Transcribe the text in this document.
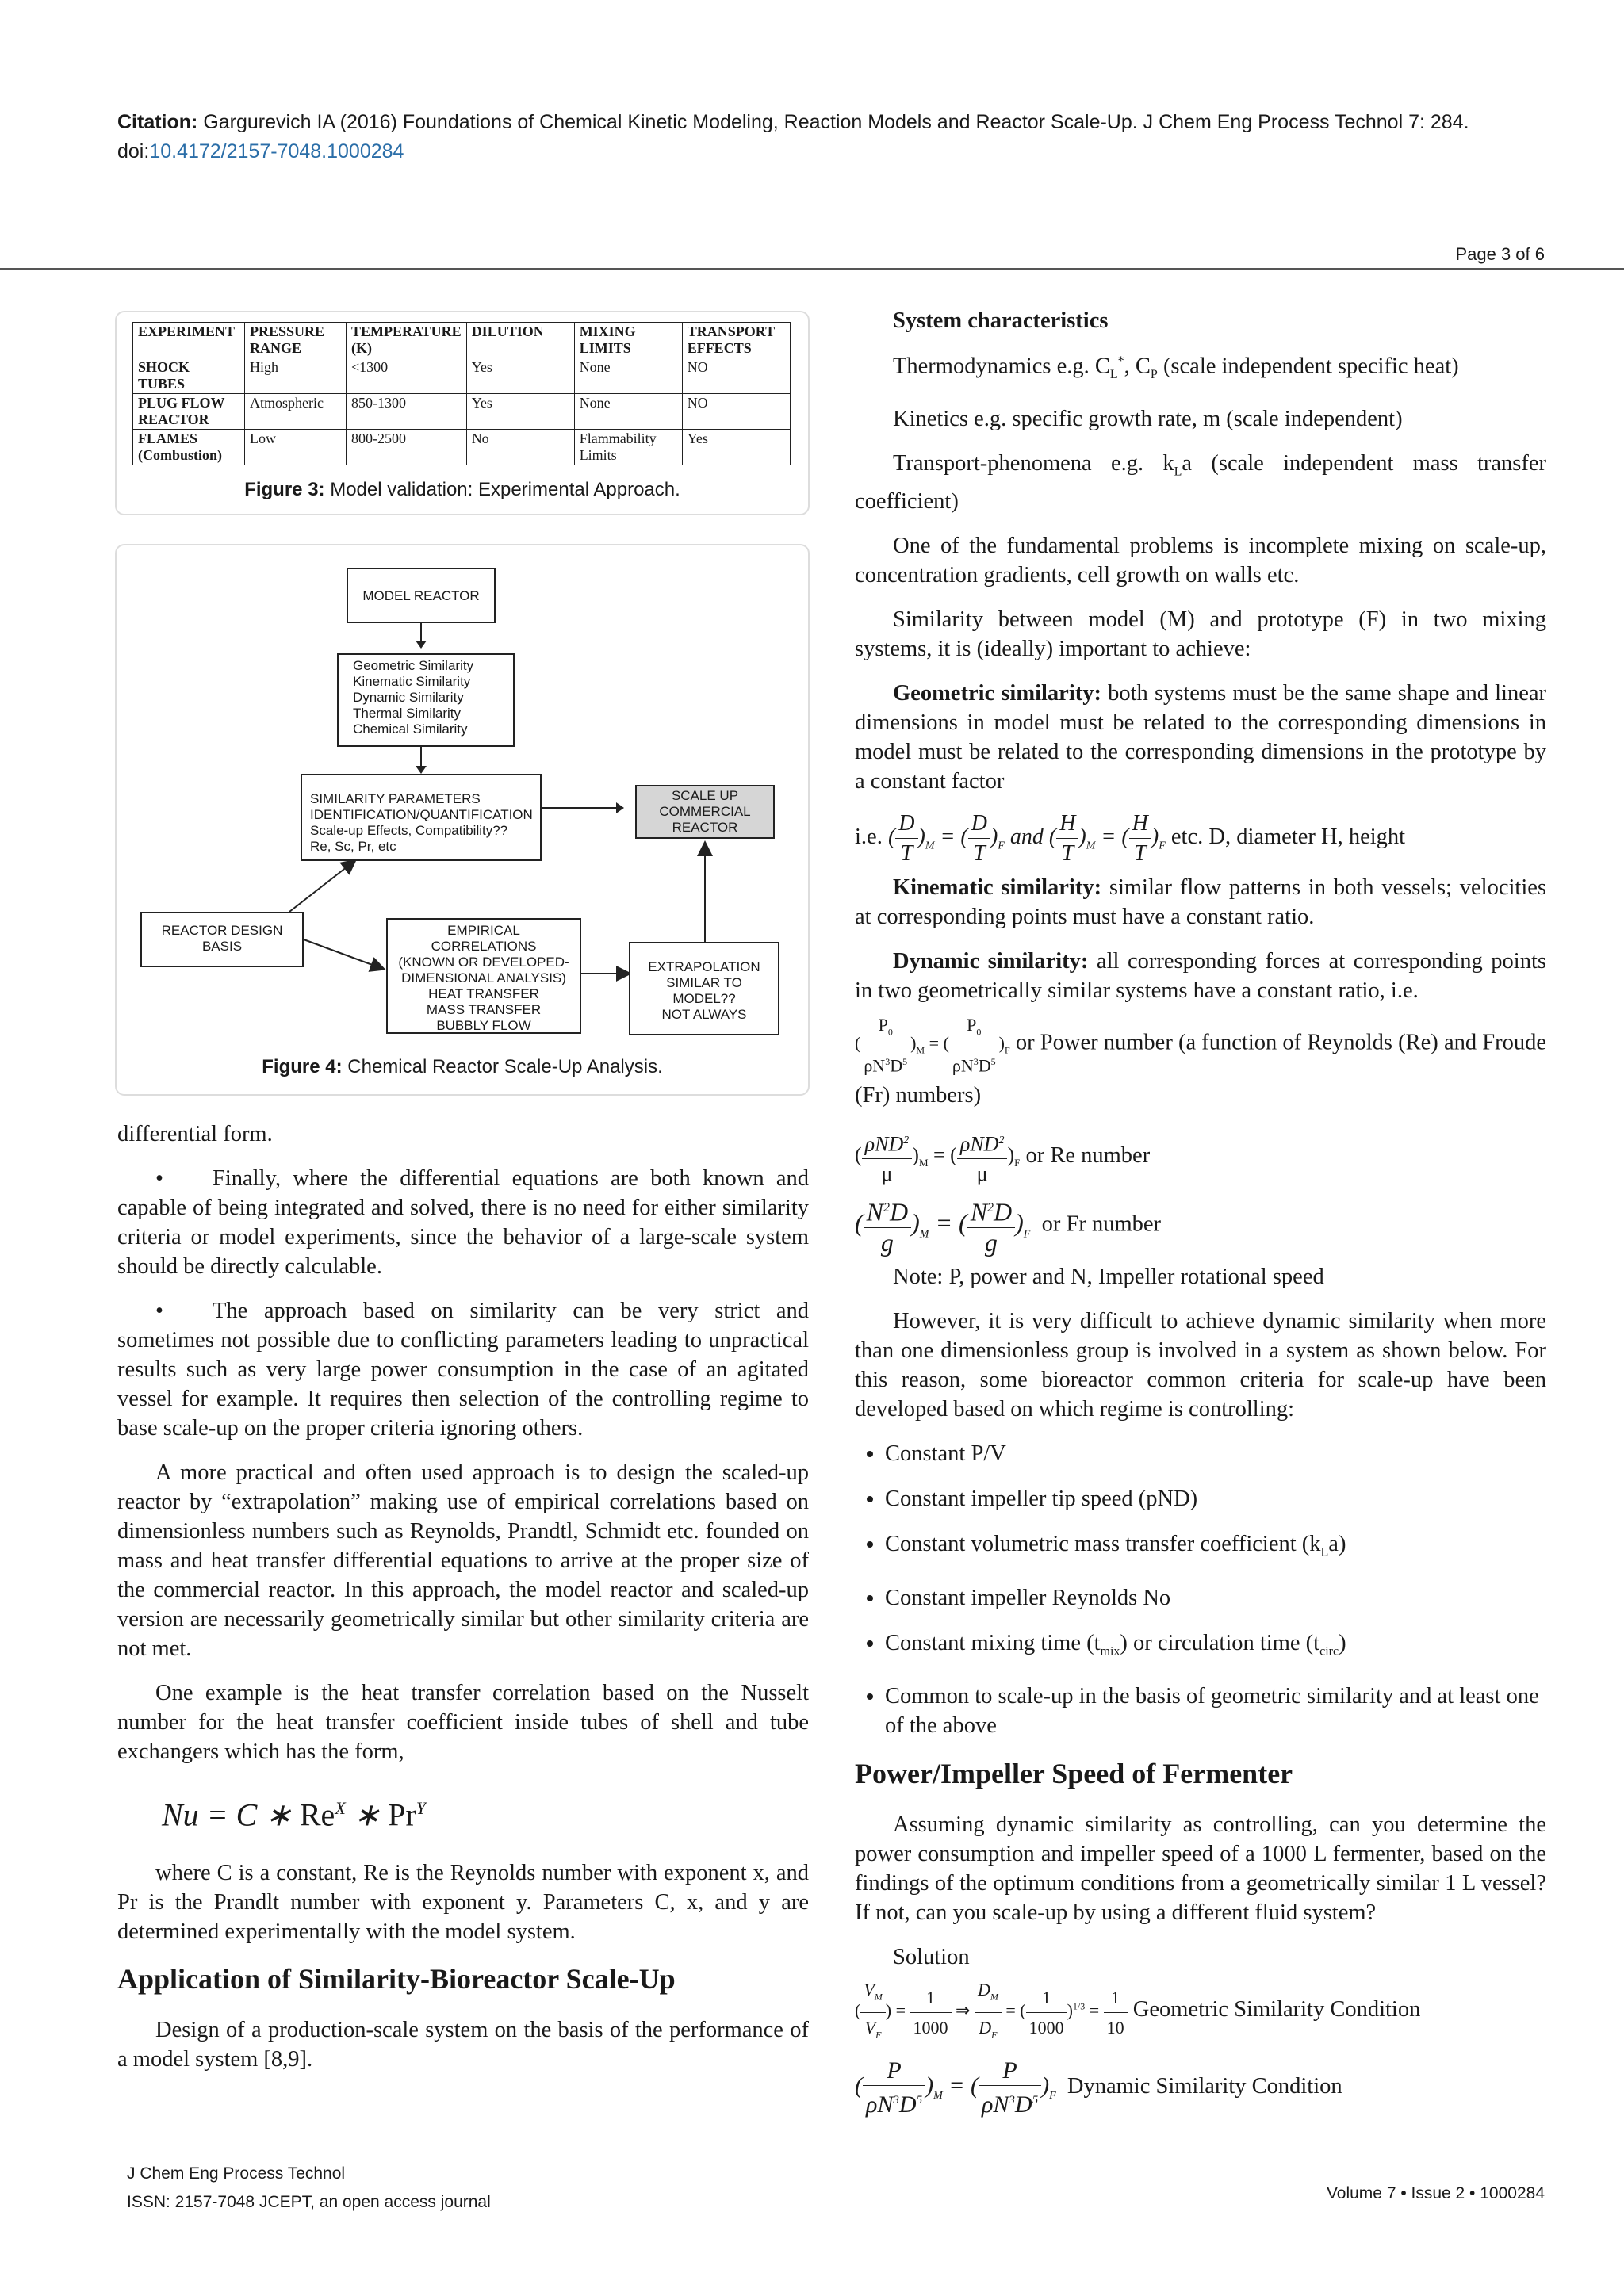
Citation: Gargurevich IA (2016) Foundations of Chemical Kinetic Modeling, Reaction Models and Reactor Scale-Up. J Chem Eng Process Technol 7: 284. doi:10.4172/2157-7048.1000284
Page 3 of 6
EXPERIMENT	PRESSURE RANGE	TEMPERATURE (K)	DILUTION	MIXING LIMITS	TRANSPORT EFFECTS
SHOCK TUBES	High	<1300	Yes	None	NO
PLUG FLOW REACTOR	Atmospheric	850-1300	Yes	None	NO
FLAMES (Combustion)	Low	800-2500	No	Flammability Limits	Yes
Figure 3: Model validation: Experimental Approach.
MODEL REACTOR
Geometric Similarity
Kinematic Similarity
Dynamic Similarity
Thermal Similarity
Chemical Similarity
SIMILARITY PARAMETERS
IDENTIFICATION/QUANTIFICATION
Scale-up Effects, Compatibility??
Re, Sc, Pr, etc
SCALE UP
COMMERCIAL
REACTOR
REACTOR DESIGN
BASIS
EMPIRICAL
CORRELATIONS
(KNOWN OR DEVELOPED-
DIMENSIONAL ANALYSIS)
HEAT TRANSFER
MASS TRANSFER
BUBBLY FLOW
EXTRAPOLATION
SIMILAR TO
MODEL??
NOT ALWAYS
Figure 4: Chemical Reactor Scale-Up Analysis.

differential form.

• Finally, where the differential equations are both known and capable of being integrated and solved, there is no need for either similarity criteria or model experiments, since the behavior of a large-scale system should be directly calculable.

• The approach based on similarity can be very strict and sometimes not possible due to conflicting parameters leading to unpractical results such as very large power consumption in the case of an agitated vessel for example. It requires then selection of the controlling regime to base scale-up on the proper criteria ignoring others.

A more practical and often used approach is to design the scaled-up reactor by “extrapolation” making use of empirical correlations based on dimensionless numbers such as Reynolds, Prandtl, Schmidt etc. founded on mass and heat transfer differential equations to arrive at the proper size of the commercial reactor. In this approach, the model reactor and scaled-up version are necessarily geometrically similar but other similarity criteria are not met.

One example is the heat transfer correlation based on the Nusselt number for the heat transfer coefficient inside tubes of shell and tube exchangers which has the form,

Nu = C ∗ $Re^X$ ∗ $Pr^Y$

where C is a constant, Re is the Reynolds number with exponent x, and Pr is the Prandlt number with exponent y. Parameters C, x, and y are determined experimentally with the model system.

Application of Similarity-Bioreactor Scale-Up

Design of a production-scale system on the basis of the performance of a model system [8,9].

System characteristics

Thermodynamics e.g. $C_L^*$, $C_P$ (scale independent specific heat)

Kinetics e.g. specific growth rate, m (scale independent)

Transport-phenomena e.g. $k_La$ (scale independent mass transfer coefficient)

One of the fundamental problems is incomplete mixing on scale-up, concentration gradients, cell growth on walls etc.

Similarity between model (M) and prototype (F) in two mixing systems, it is (ideally) important to achieve:

Geometric similarity: both systems must be the same shape and linear dimensions in model must be related to the corresponding dimensions in model must be related to the corresponding dimensions in the prototype by a constant factor

i.e. ( $\frac{D}{T} )_M$ = ( $\frac{D}{T} )_F$ and ( $\frac{H}{T} )_M$ = ( $\frac{H}{T} )_F$ etc. D, diameter H, height

Kinematic similarity: similar flow patterns in both vessels; velocities at corresponding points must have a constant ratio.

Dynamic similarity: all corresponding forces at corresponding points in two geometrically similar systems have a constant ratio, i.e.

( $\frac{P_0}{\rho N^3D^5} )_M$ = ( $\frac{P_0}{\rho N^3D^5} )_F$ or Power number (a function of Reynolds (Re) and Froude (Fr) numbers)

( $\frac{\rho ND^2}{\mu} )_M$ = ( $\frac{\rho ND^2}{\mu} )_F$ or Re number

( $\frac{N^2D}{g} )_M$ = ( $\frac{N^2D}{g} )_F$ or Fr number

Note: P, power and N, Impeller rotational speed

However, it is very difficult to achieve dynamic similarity when more than one dimensionless group is involved in a system as shown below. For this reason, some bioreactor common criteria for scale-up have been developed based on which regime is controlling:

• Constant P/V
• Constant impeller tip speed (pND)
• Constant volumetric mass transfer coefficient $(k_La)$
• Constant impeller Reynolds No
• Constant mixing time $(t_{mix})$ or circulation time $(t_{circ})$
• Common to scale-up in the basis of geometric similarity and at least one of the above
Power/Impeller Speed of Fermenter

Assuming dynamic similarity as controlling, can you determine the power consumption and impeller speed of a 1000 L fermenter, based on the findings of the optimum conditions from a geometrically similar 1 L vessel? If not, can you scale-up by using a different fluid system?

Solution

( $\frac{V_M}{V_F}$ ) = $\frac{1}{1000}$ ⇒ $\frac{D_M}{D_F}$ = ( $\frac{1}{1000} )^{1/3} = \frac{1}{10}$ Geometric Similarity Condition

( $\frac{P}{\rho N^3D^5} )_M$ = ( $\frac{P}{\rho N^3D^5} )_F$ Dynamic Similarity Condition

J Chem Eng Process Technol
ISSN: 2157-7048 JCEPT, an open access journal	Volume 7 • Issue 2 • 1000284
